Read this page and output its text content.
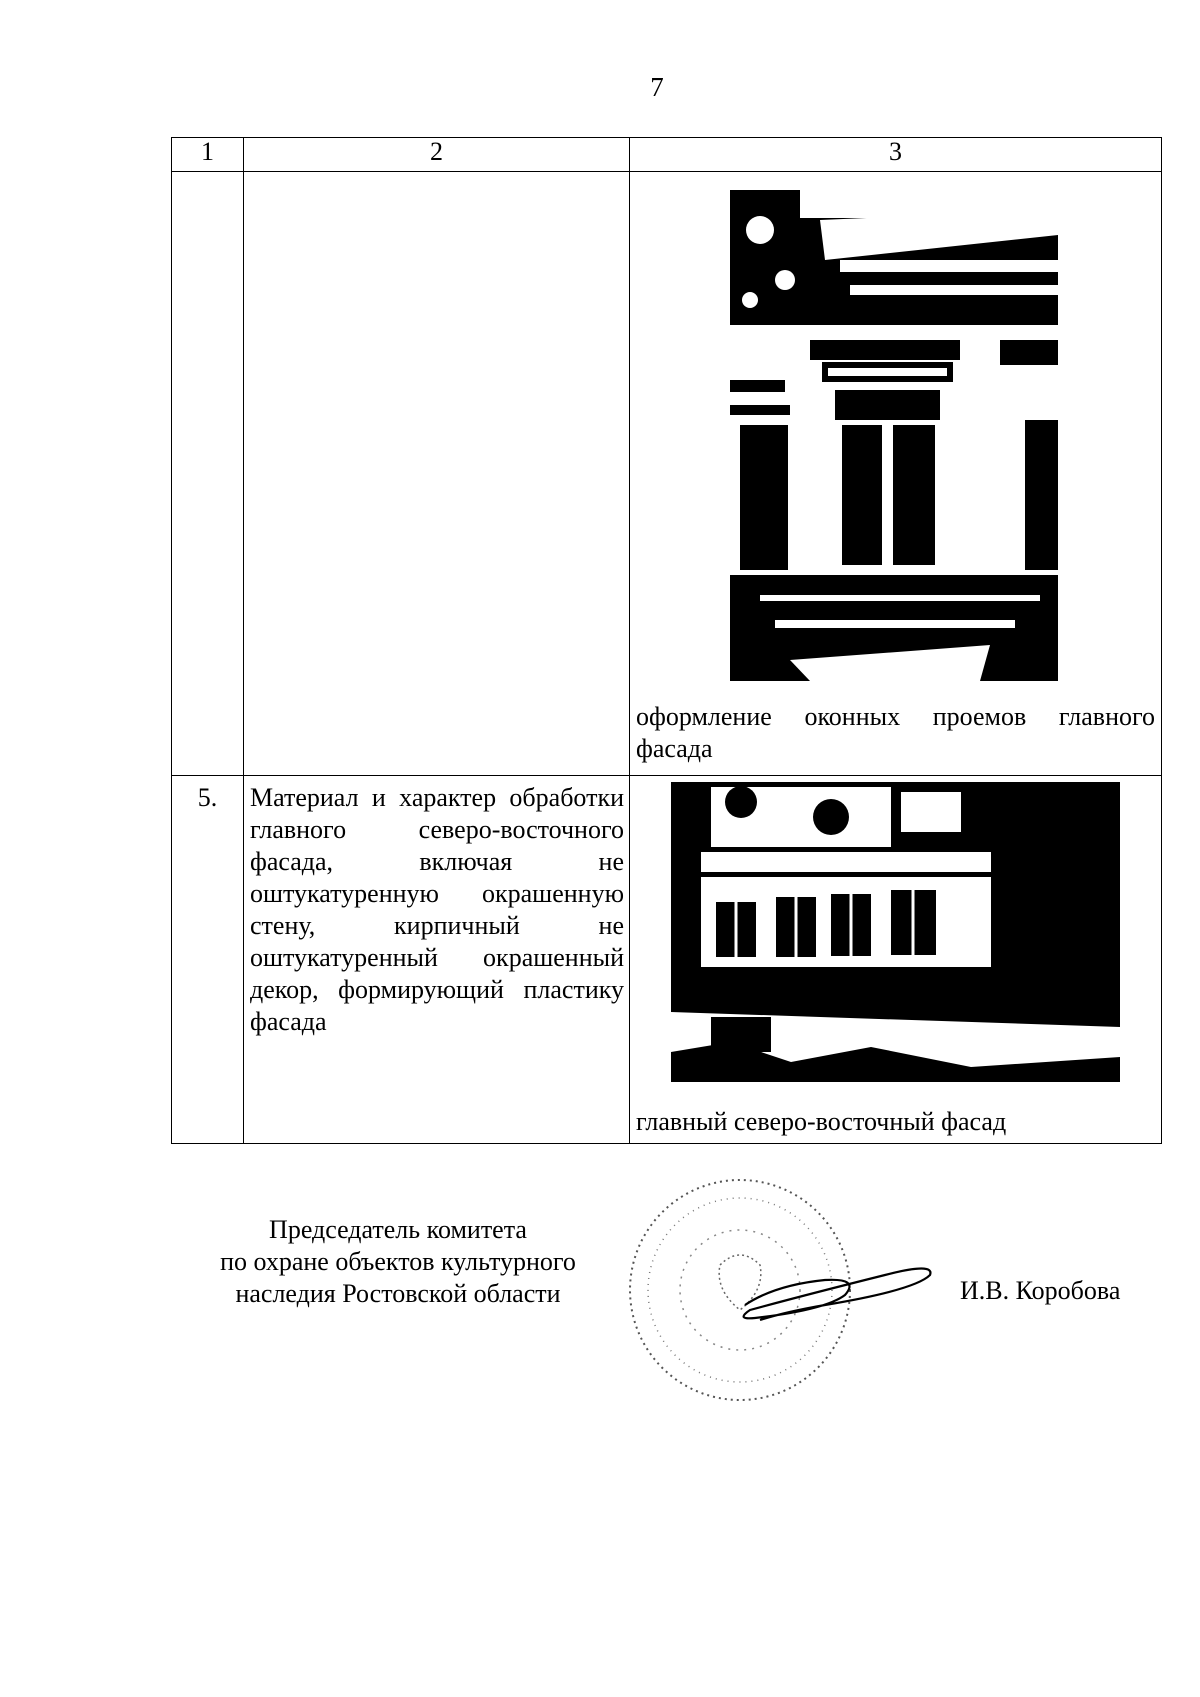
7
1	2	3

		оформление оконных проемов главного фасада

5.	Материал и характер обработки главного северо-восточного фасада, включая не оштукатуренную окрашенную стену, кирпичный не оштукатуренный окрашенный декор, формирующий пластику фасада	главный северо-восточный фасад
Председатель комитета
по охране объектов культурного
наследия Ростовской области	И.В. Коробова
